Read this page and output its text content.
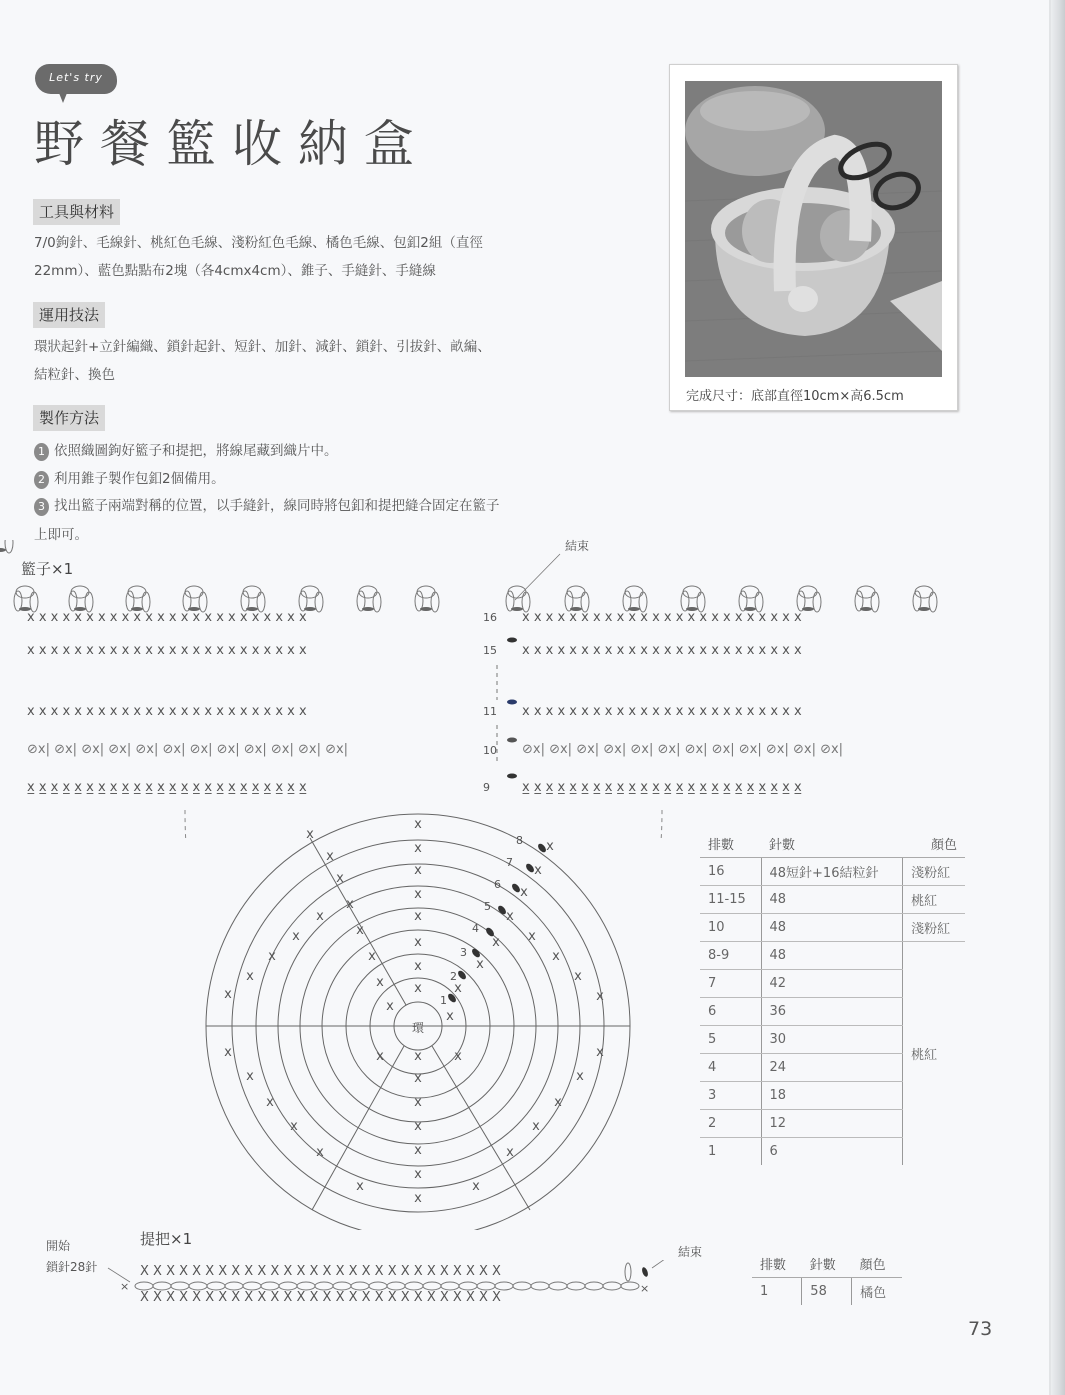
Let's try
野餐籃收納盒
工具與材料
7/0鉤針、毛線針、桃紅色毛線、淺粉紅色毛線、橘色毛線、包釦2組（直徑
22mm）、藍色點點布2塊（各4cmx4cm）、錐子、手縫針、手縫線
運用技法
環狀起針+立針編織、鎖針起針、短針、加針、減針、鎖針、引拔針、畝編、
結粒針、換色
製作方法
1 依照織圖鉤好籃子和提把，將線尾藏到織片中。
2 利用錐子製作包釦2個備用。
3 找出籃子兩端對稱的位置，以手縫針，線同時將包釦和提把縫合固定在籃子
上即可。
完成尺寸：底部直徑10cm×高6.5cm
籃子×1
結束
x x x x x x x x x x x x x x x x x x x x x x x x	16 x x x x x x x x x x x x x x x x x x x x x x x x
x x x x x x x x x x x x x x x x x x x x x x x x	15 x x x x x x x x x x x x x x x x x x x x x x x x
x x x x x x x x x x x x x x x x x x x x x x x x	11 x x x x x x x x x x x x x x x x x x x x x x x x
⊘x| ⊘x| ⊘x| ⊘x| ⊘x| ⊘x| ⊘x| ⊘x| ⊘x| ⊘x| ⊘x| ⊘x|	10 ⊘x| ⊘x| ⊘x| ⊘x| ⊘x| ⊘x| ⊘x| ⊘x| ⊘x| ⊘x| ⊘x| ⊘x|
x̲ x̲ x̲ x̲ x̲ x̲ x̲ x̲ x̲ x̲ x̲ x̲ x̲ x̲ x̲ x̲ x̲ x̲ x̲ x̲ x̲ x̲ x̲ x̲	9 x̲ x̲ x̲ x̲ x̲ x̲ x̲ x̲ x̲ x̲ x̲ x̲ x̲ x̲ x̲ x̲ x̲ x̲ x̲ x̲ x̲ x̲ x̲ x̲
環
1
2
3
4
5
6
7
8
x
x
x
x
x	x
x
x
x
x
x
x
x
x
x
x
x
x
x
x
x
x
x
x
x
x
x
x
x
x
x
x
x
x
x
x
x
x
x
x
x
x
x
x
x
x
x
x
x
x
x	x
x	x
排數	針數	顏色
16	48短針+16結粒針	淺粉紅
11-15	48	桃紅
10	48	淺粉紅
8-9	48	桃紅
7	42	
6	36	
5	30	
4	24	
3	18	
2	12	
1	6	
提把×1
開始
鎖針28針
結束
X X X X X X X X X X X X X X X X X X X X X X X X X X X X
X X X X X X X X X X X X X X X X X X X X X X X X X X X X
×	×
排數	針數	顏色
1	58	橘色
73
